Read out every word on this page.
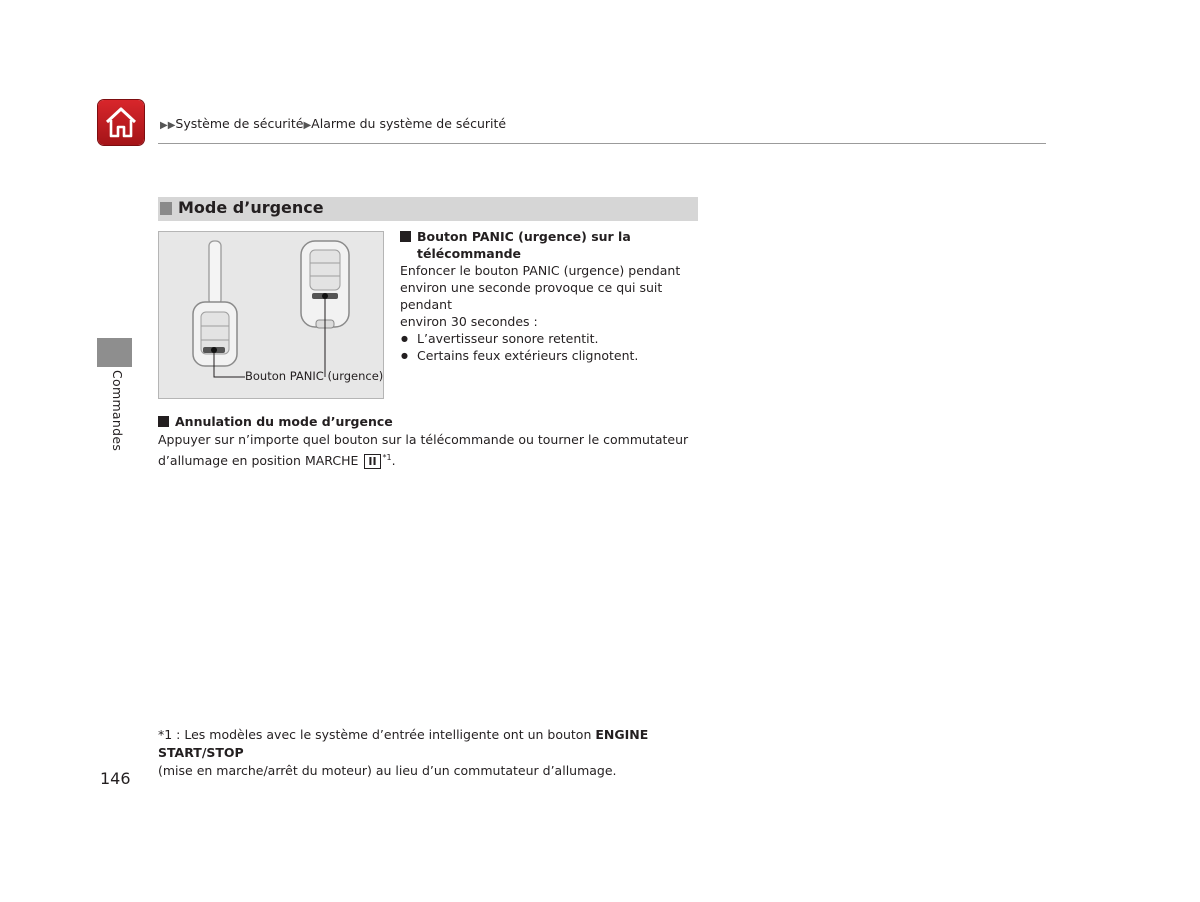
▶▶Système de sécurité▶Alarme du système de sécurité
Commandes
Mode d’urgence
Bouton PANIC (urgence)
Bouton PANIC (urgence) sur la
télécommande
Enfoncer le bouton PANIC (urgence) pendant
environ une seconde provoque ce qui suit pendant
environ 30 secondes :
● L’avertisseur sonore retentit.
● Certains feux extérieurs clignotent.
Annulation du mode d’urgence
Appuyer sur n’importe quel bouton sur la télécommande ou tourner le commutateur
d’allumage en position MARCHE II $^{*1}$.
*1 : Les modèles avec le système d’entrée intelligente ont un bouton ENGINE START/STOP
(mise en marche/arrêt du moteur) au lieu d’un commutateur d’allumage.
146
